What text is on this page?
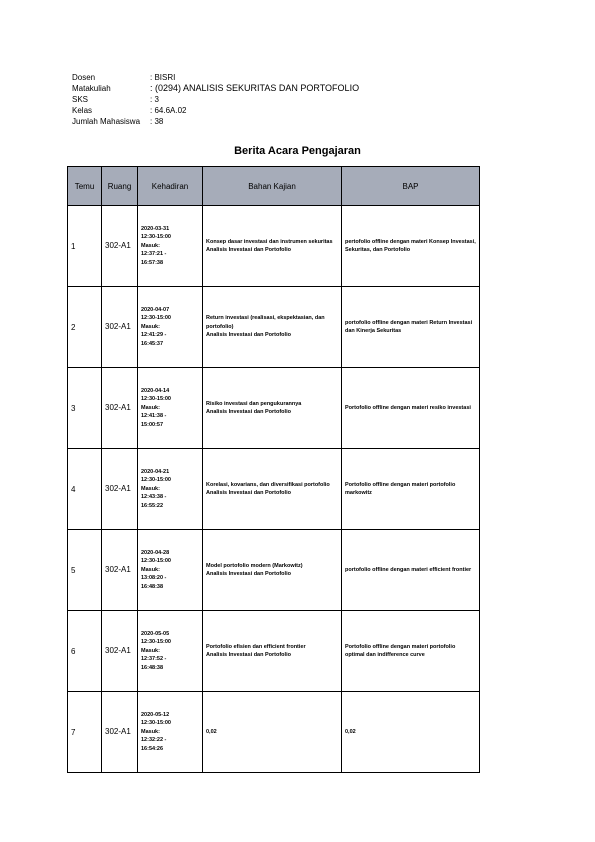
Dosen	: BISRI
Matakuliah	: (0294) ANALISIS SEKURITAS DAN PORTOFOLIO
SKS	: 3
Kelas	: 64.6A.02
Jumlah Mahasiswa	: 38
Berita Acara Pengajaran
Temu	Ruang	Kehadiran	Bahan Kajian	BAP
1	302-A1	2020-03-31
12:30-15:00
Masuk:
12:37:21 -
16:57:38	Konsep dasar investasi dan instrumen sekuritas
Analisis Investasi dan Portofolio	pertofolio offline dengan materi Konsep Investasi, Sekuritas, dan Portofolio
2	302-A1	2020-04-07
12:30-15:00
Masuk:
12:41:29 -
16:45:37	Return investasi (realisasi, ekspektasian, dan portofolio)
Analisis Investasi dan Portofolio	portofolio offline dengan materi Return Investasi dan Kinerja Sekuritas
3	302-A1	2020-04-14
12:30-15:00
Masuk:
12:41:38 -
15:00:57	Risiko investasi dan pengukurannya
Analisis Investasi dan Portofolio	Portofolio offline dengan materi resiko investasi
4	302-A1	2020-04-21
12:30-15:00
Masuk:
12:43:38 -
16:55:22	Korelasi, kovarians, dan diversifikasi portofolio
Analisis Investasi dan Portofolio	Portofolio offline dengan materi portofolio markowitz
5	302-A1	2020-04-28
12:30-15:00
Masuk:
13:08:20 -
16:48:38	Model portofolio modern (Markowitz)
Analisis Investasi dan Portofolio	portofolio offline dengan materi efficient frontier
6	302-A1	2020-05-05
12:30-15:00
Masuk:
12:37:52 -
16:48:38	Portofolio efisien dan efficient frontier
Analisis Investasi dan Portofolio	Portofolio offline dengan materi portofolio optimal dan indifference curve
7	302-A1	2020-05-12
12:30-15:00
Masuk:
12:32:22 -
16:54:26	0,02	0,02
